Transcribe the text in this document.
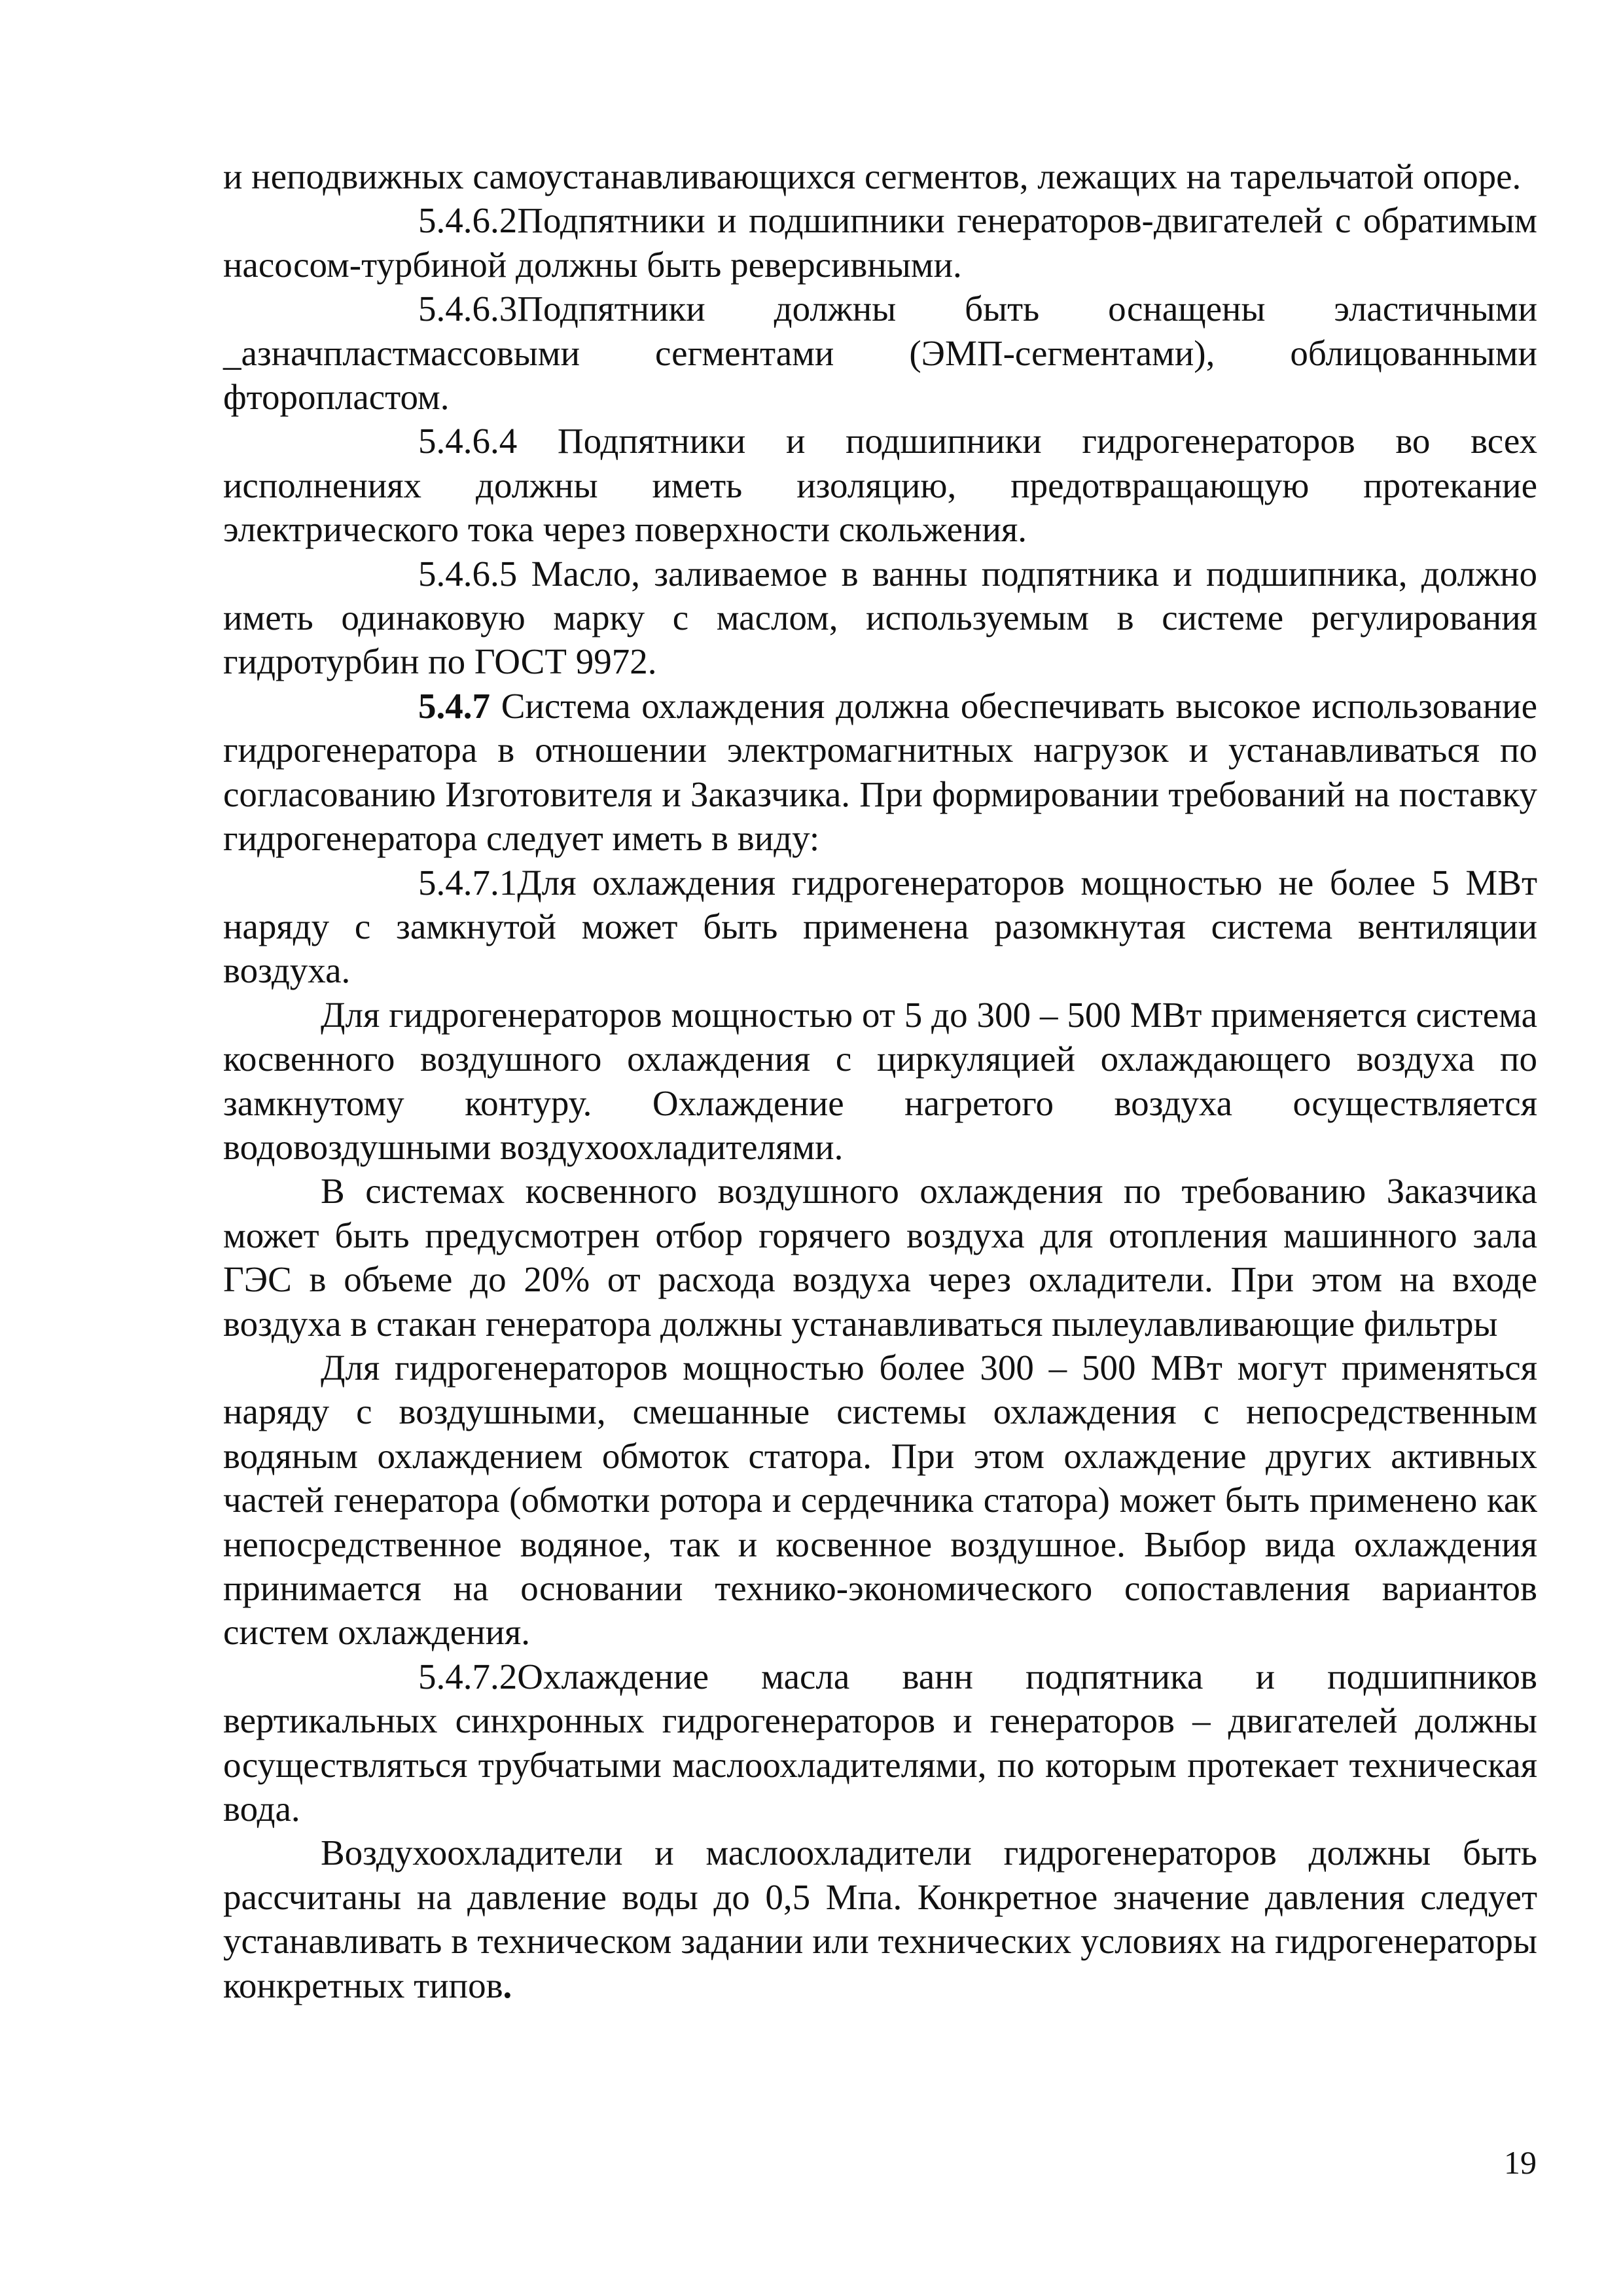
и неподвижных самоустанавливающихся сегментов, лежащих на тарельчатой опоре.

5.4.6.2Подпятники и подшипники генераторов-двигателей с обратимым насосом-турбиной должны быть реверсивными.

5.4.6.3Подпятники должны быть оснащены эластичными _азначпластмассовыми сегментами (ЭМП-сегментами), облицованными фторопластом.

5.4.6.4 Подпятники и подшипники гидрогенераторов во всех исполнениях должны иметь изоляцию, предотвращающую протекание электрического тока через поверхности скольжения.

5.4.6.5 Масло, заливаемое в ванны подпятника и подшипника, должно иметь одинаковую марку с маслом, используемым в системе регулирования гидротурбин по ГОСТ 9972.

5.4.7 Система охлаждения должна обеспечивать высокое использование гидрогенератора в отношении электромагнитных нагрузок и устанавливаться по согласованию Изготовителя и Заказчика. При формировании требований на поставку гидрогенератора следует иметь в виду:

5.4.7.1Для охлаждения гидрогенераторов мощностью не более 5 МВт наряду с замкнутой может быть применена разомкнутая система вентиляции воздуха.

Для гидрогенераторов мощностью от 5 до 300 – 500 МВт применяется система косвенного воздушного охлаждения с циркуляцией охлаждающего воздуха по замкнутому контуру. Охлаждение нагретого воздуха осуществляется водовоздушными воздухоохладителями.

В системах косвенного воздушного охлаждения по требованию Заказчика может быть предусмотрен отбор горячего воздуха для отопления машинного зала ГЭС в объеме до 20% от расхода воздуха через охладители. При этом на входе воздуха в стакан генератора должны устанавливаться пылеулавливающие фильтры

Для гидрогенераторов мощностью более 300 – 500 МВт могут применяться наряду с воздушными, смешанные системы охлаждения с непосредственным водяным охлаждением обмоток статора. При этом охлаждение других активных частей генератора (обмотки ротора и сердечника статора) может быть применено как непосредственное водяное, так и косвенное воздушное. Выбор вида охлаждения принимается на основании технико-экономического сопоставления вариантов систем охлаждения.

5.4.7.2Охлаждение масла ванн подпятника и подшипников вертикальных синхронных гидрогенераторов и генераторов – двигателей должны осуществляться трубчатыми маслоохладителями, по которым протекает техническая вода.

Воздухоохладители и маслоохладители гидрогенераторов должны быть рассчитаны на давление воды до 0,5 Мпа. Конкретное значение давления следует устанавливать в техническом задании или технических условиях на гидрогенераторы конкретных типов.

19
